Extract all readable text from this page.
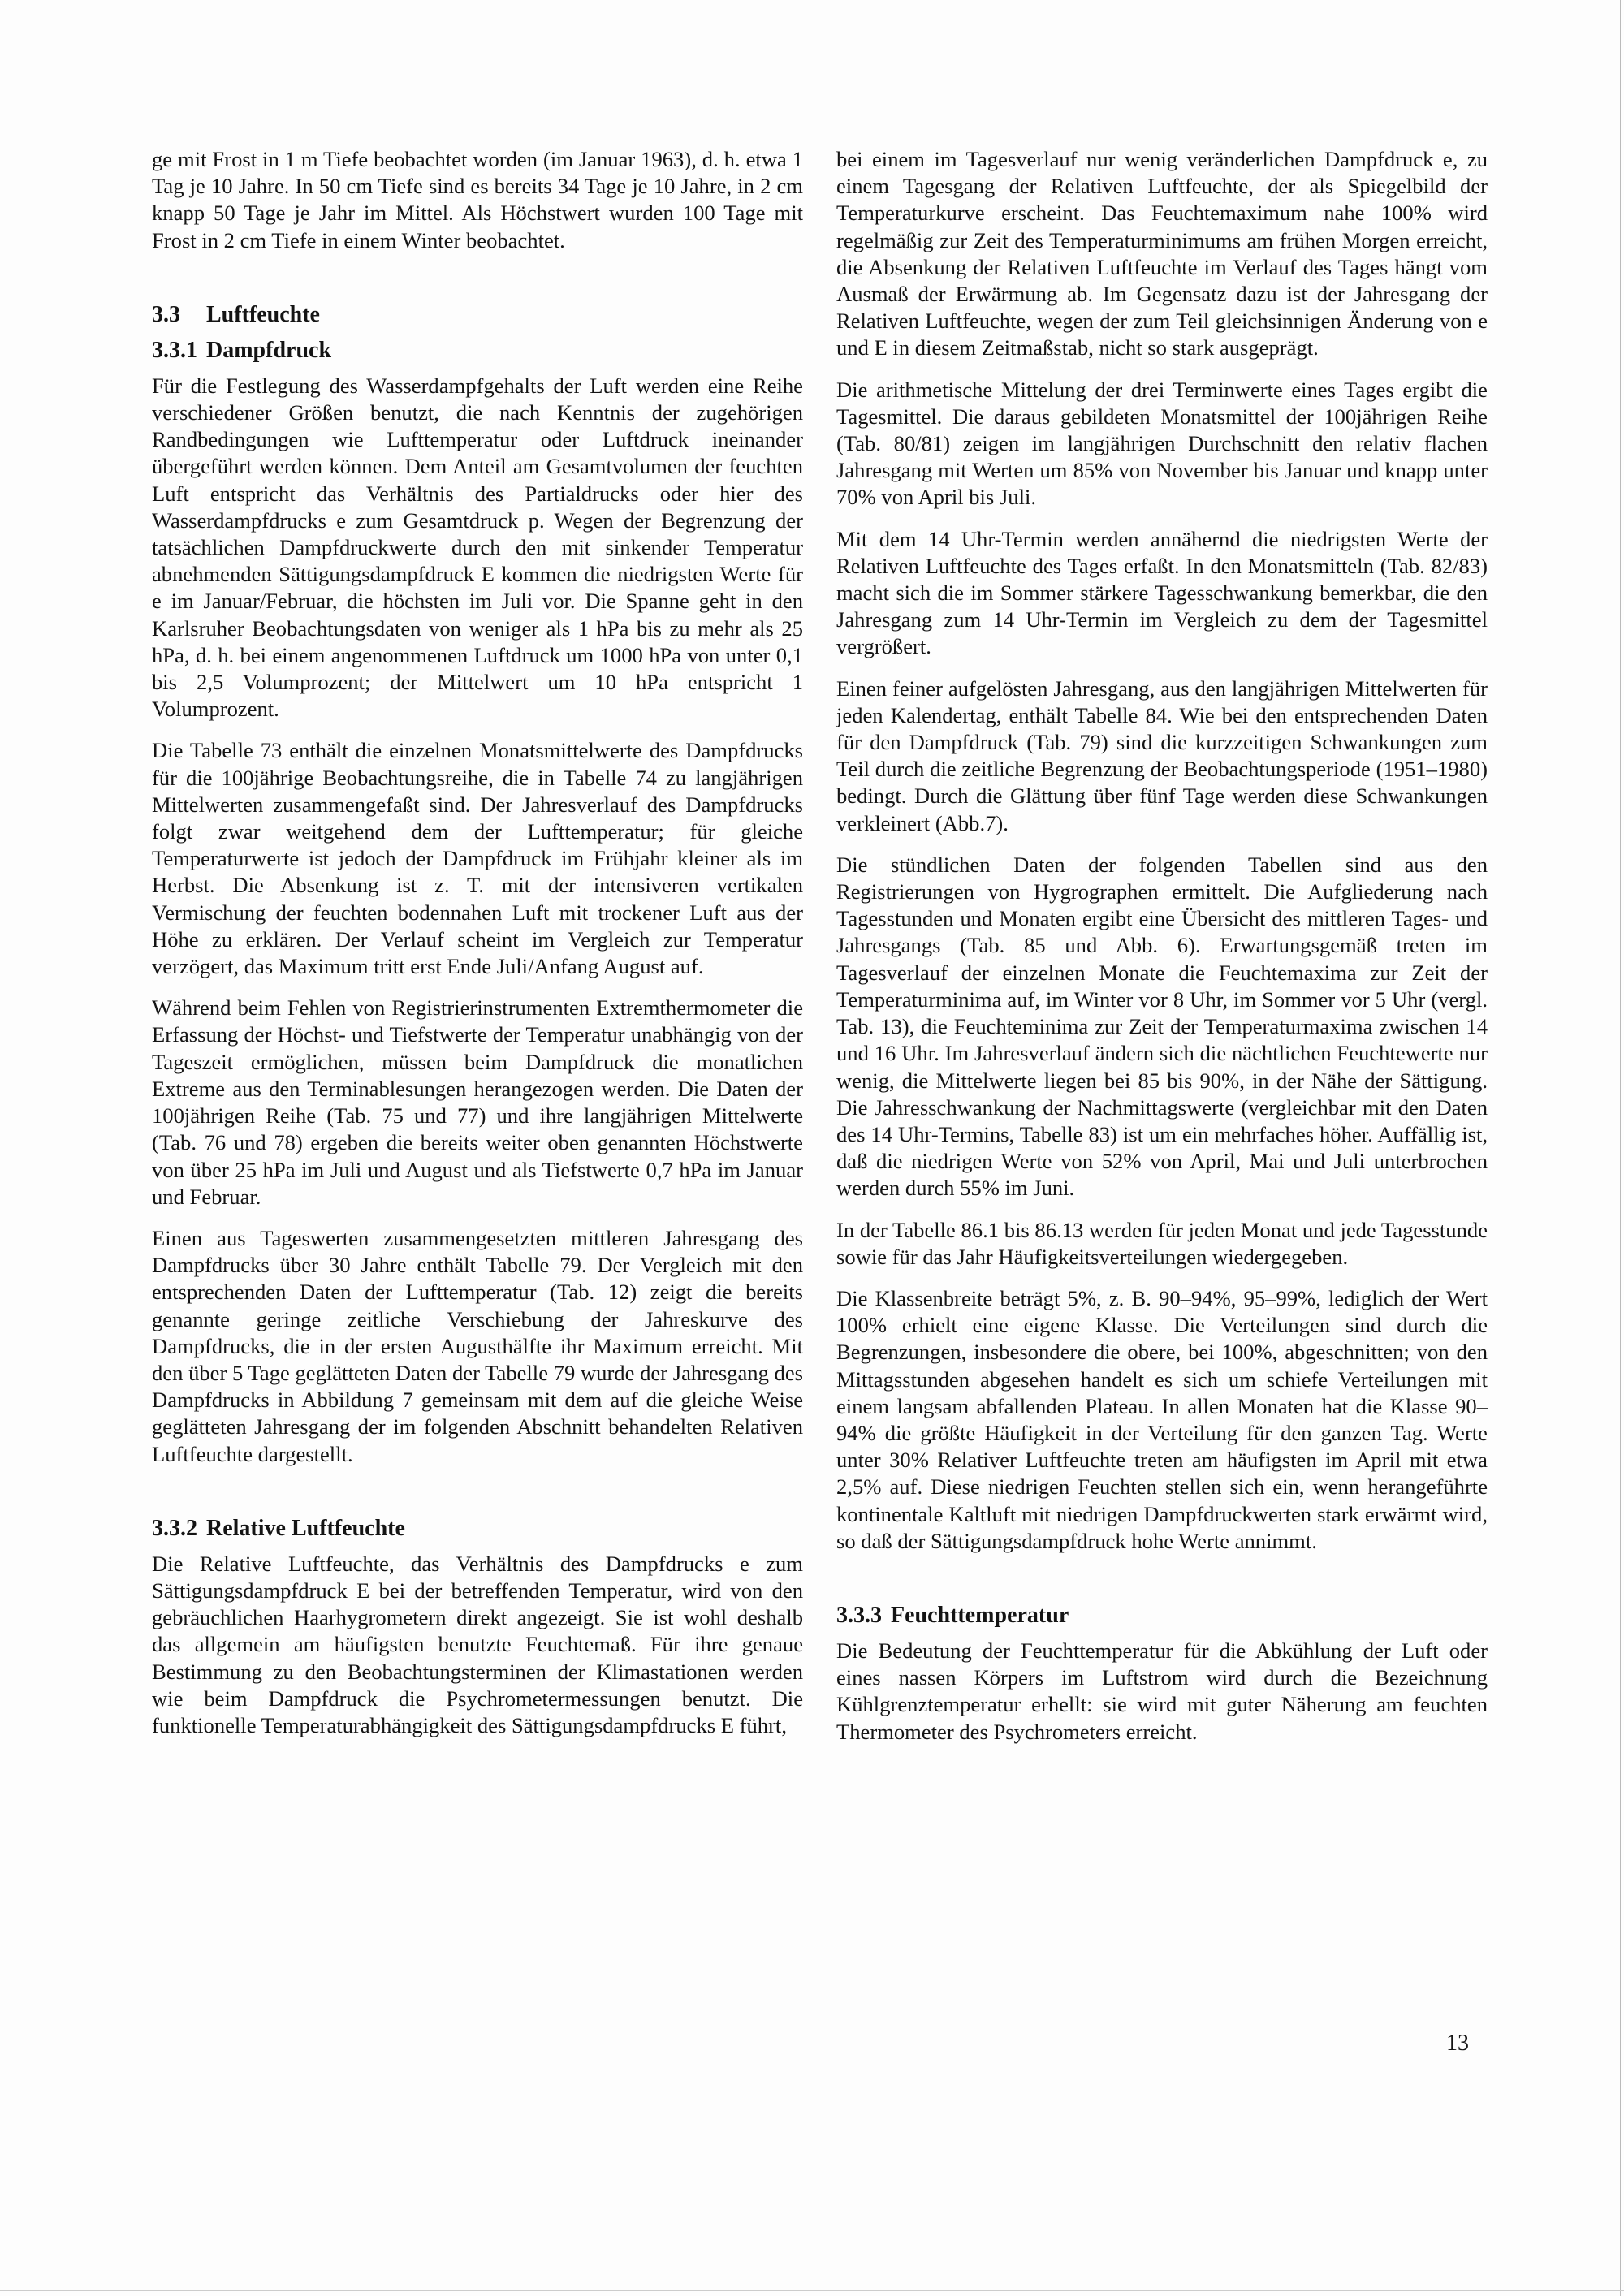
ge mit Frost in 1 m Tiefe beobachtet worden (im Januar 1963), d. h. etwa 1 Tag je 10 Jahre. In 50 cm Tiefe sind es bereits 34 Tage je 10 Jahre, in 2 cm knapp 50 Tage je Jahr im Mittel. Als Höchstwert wurden 100 Tage mit Frost in 2 cm Tiefe in einem Winter beobachtet.

3.3 Luftfeuchte
3.3.1 Dampfdruck

Für die Festlegung des Wasserdampfgehalts der Luft werden eine Reihe verschiedener Größen benutzt, die nach Kenntnis der zugehörigen Randbedingungen wie Lufttemperatur oder Luftdruck ineinander übergeführt werden können. Dem Anteil am Gesamtvolumen der feuchten Luft entspricht das Verhältnis des Partialdrucks oder hier des Wasserdampfdrucks e zum Gesamtdruck p. Wegen der Begrenzung der tatsächlichen Dampfdruckwerte durch den mit sinkender Temperatur abnehmenden Sättigungsdampfdruck E kommen die niedrigsten Werte für e im Januar/Februar, die höchsten im Juli vor. Die Spanne geht in den Karlsruher Beobachtungsdaten von weniger als 1 hPa bis zu mehr als 25 hPa, d. h. bei einem angenommenen Luftdruck um 1000 hPa von unter 0,1 bis 2,5 Volumprozent; der Mittelwert um 10 hPa entspricht 1 Volumprozent.

Die Tabelle 73 enthält die einzelnen Monatsmittelwerte des Dampfdrucks für die 100jährige Beobachtungsreihe, die in Tabelle 74 zu langjährigen Mittelwerten zusammengefaßt sind. Der Jahresverlauf des Dampfdrucks folgt zwar weitgehend dem der Lufttemperatur; für gleiche Temperaturwerte ist jedoch der Dampfdruck im Frühjahr kleiner als im Herbst. Die Absenkung ist z. T. mit der intensiveren vertikalen Vermischung der feuchten bodennahen Luft mit trockener Luft aus der Höhe zu erklären. Der Verlauf scheint im Vergleich zur Temperatur verzögert, das Maximum tritt erst Ende Juli/Anfang August auf.

Während beim Fehlen von Registrierinstrumenten Extremthermometer die Erfassung der Höchst- und Tiefstwerte der Temperatur unabhängig von der Tageszeit ermöglichen, müssen beim Dampfdruck die monatlichen Extreme aus den Terminablesungen herangezogen werden. Die Daten der 100jährigen Reihe (Tab. 75 und 77) und ihre langjährigen Mittelwerte (Tab. 76 und 78) ergeben die bereits weiter oben genannten Höchstwerte von über 25 hPa im Juli und August und als Tiefstwerte 0,7 hPa im Januar und Februar.

Einen aus Tageswerten zusammengesetzten mittleren Jahresgang des Dampfdrucks über 30 Jahre enthält Tabelle 79. Der Vergleich mit den entsprechenden Daten der Lufttemperatur (Tab. 12) zeigt die bereits genannte geringe zeitliche Verschiebung der Jahreskurve des Dampfdrucks, die in der ersten Augusthälfte ihr Maximum erreicht. Mit den über 5 Tage geglätteten Daten der Tabelle 79 wurde der Jahresgang des Dampfdrucks in Abbildung 7 gemeinsam mit dem auf die gleiche Weise geglätteten Jahresgang der im folgenden Abschnitt behandelten Relativen Luftfeuchte dargestellt.

3.3.2 Relative Luftfeuchte

Die Relative Luftfeuchte, das Verhältnis des Dampfdrucks e zum Sättigungsdampfdruck E bei der betreffenden Temperatur, wird von den gebräuchlichen Haarhygrometern direkt angezeigt. Sie ist wohl deshalb das allgemein am häufigsten benutzte Feuchtemaß. Für ihre genaue Bestimmung zu den Beobachtungsterminen der Klimastationen werden wie beim Dampfdruck die Psychrometermessungen benutzt. Die funktionelle Temperaturabhängigkeit des Sättigungsdampfdrucks E führt,

bei einem im Tagesverlauf nur wenig veränderlichen Dampfdruck e, zu einem Tagesgang der Relativen Luftfeuchte, der als Spiegelbild der Temperaturkurve erscheint. Das Feuchtemaximum nahe 100% wird regelmäßig zur Zeit des Temperaturminimums am frühen Morgen erreicht, die Absenkung der Relativen Luftfeuchte im Verlauf des Tages hängt vom Ausmaß der Erwärmung ab. Im Gegensatz dazu ist der Jahresgang der Relativen Luftfeuchte, wegen der zum Teil gleichsinnigen Änderung von e und E in diesem Zeitmaßstab, nicht so stark ausgeprägt.

Die arithmetische Mittelung der drei Terminwerte eines Tages ergibt die Tagesmittel. Die daraus gebildeten Monatsmittel der 100jährigen Reihe (Tab. 80/81) zeigen im langjährigen Durchschnitt den relativ flachen Jahresgang mit Werten um 85% von November bis Januar und knapp unter 70% von April bis Juli.

Mit dem 14 Uhr-Termin werden annähernd die niedrigsten Werte der Relativen Luftfeuchte des Tages erfaßt. In den Monatsmitteln (Tab. 82/83) macht sich die im Sommer stärkere Tagesschwankung bemerkbar, die den Jahresgang zum 14 Uhr-Termin im Vergleich zu dem der Tagesmittel vergrößert.

Einen feiner aufgelösten Jahresgang, aus den langjährigen Mittelwerten für jeden Kalendertag, enthält Tabelle 84. Wie bei den entsprechenden Daten für den Dampfdruck (Tab. 79) sind die kurzzeitigen Schwankungen zum Teil durch die zeitliche Begrenzung der Beobachtungsperiode (1951–1980) bedingt. Durch die Glättung über fünf Tage werden diese Schwankungen verkleinert (Abb.7).

Die stündlichen Daten der folgenden Tabellen sind aus den Registrierungen von Hygrographen ermittelt. Die Aufgliederung nach Tagesstunden und Monaten ergibt eine Übersicht des mittleren Tages- und Jahresgangs (Tab. 85 und Abb. 6). Erwartungsgemäß treten im Tagesverlauf der einzelnen Monate die Feuchtemaxima zur Zeit der Temperaturminima auf, im Winter vor 8 Uhr, im Sommer vor 5 Uhr (vergl. Tab. 13), die Feuchteminima zur Zeit der Temperaturmaxima zwischen 14 und 16 Uhr. Im Jahresverlauf ändern sich die nächtlichen Feuchtewerte nur wenig, die Mittelwerte liegen bei 85 bis 90%, in der Nähe der Sättigung. Die Jahresschwankung der Nachmittagswerte (vergleichbar mit den Daten des 14 Uhr-Termins, Tabelle 83) ist um ein mehrfaches höher. Auffällig ist, daß die niedrigen Werte von 52% von April, Mai und Juli unterbrochen werden durch 55% im Juni.

In der Tabelle 86.1 bis 86.13 werden für jeden Monat und jede Tagesstunde sowie für das Jahr Häufigkeitsverteilungen wiedergegeben.

Die Klassenbreite beträgt 5%, z. B. 90–94%, 95–99%, lediglich der Wert 100% erhielt eine eigene Klasse. Die Verteilungen sind durch die Begrenzungen, insbesondere die obere, bei 100%, abgeschnitten; von den Mittagsstunden abgesehen handelt es sich um schiefe Verteilungen mit einem langsam abfallenden Plateau. In allen Monaten hat die Klasse 90–94% die größte Häufigkeit in der Verteilung für den ganzen Tag. Werte unter 30% Relativer Luftfeuchte treten am häufigsten im April mit etwa 2,5% auf. Diese niedrigen Feuchten stellen sich ein, wenn herangeführte kontinentale Kaltluft mit niedrigen Dampfdruckwerten stark erwärmt wird, so daß der Sättigungsdampfdruck hohe Werte annimmt.

3.3.3 Feuchttemperatur

Die Bedeutung der Feuchttemperatur für die Abkühlung der Luft oder eines nassen Körpers im Luftstrom wird durch die Bezeichnung Kühlgrenztemperatur erhellt: sie wird mit guter Näherung am feuchten Thermometer des Psychrometers erreicht.

13
